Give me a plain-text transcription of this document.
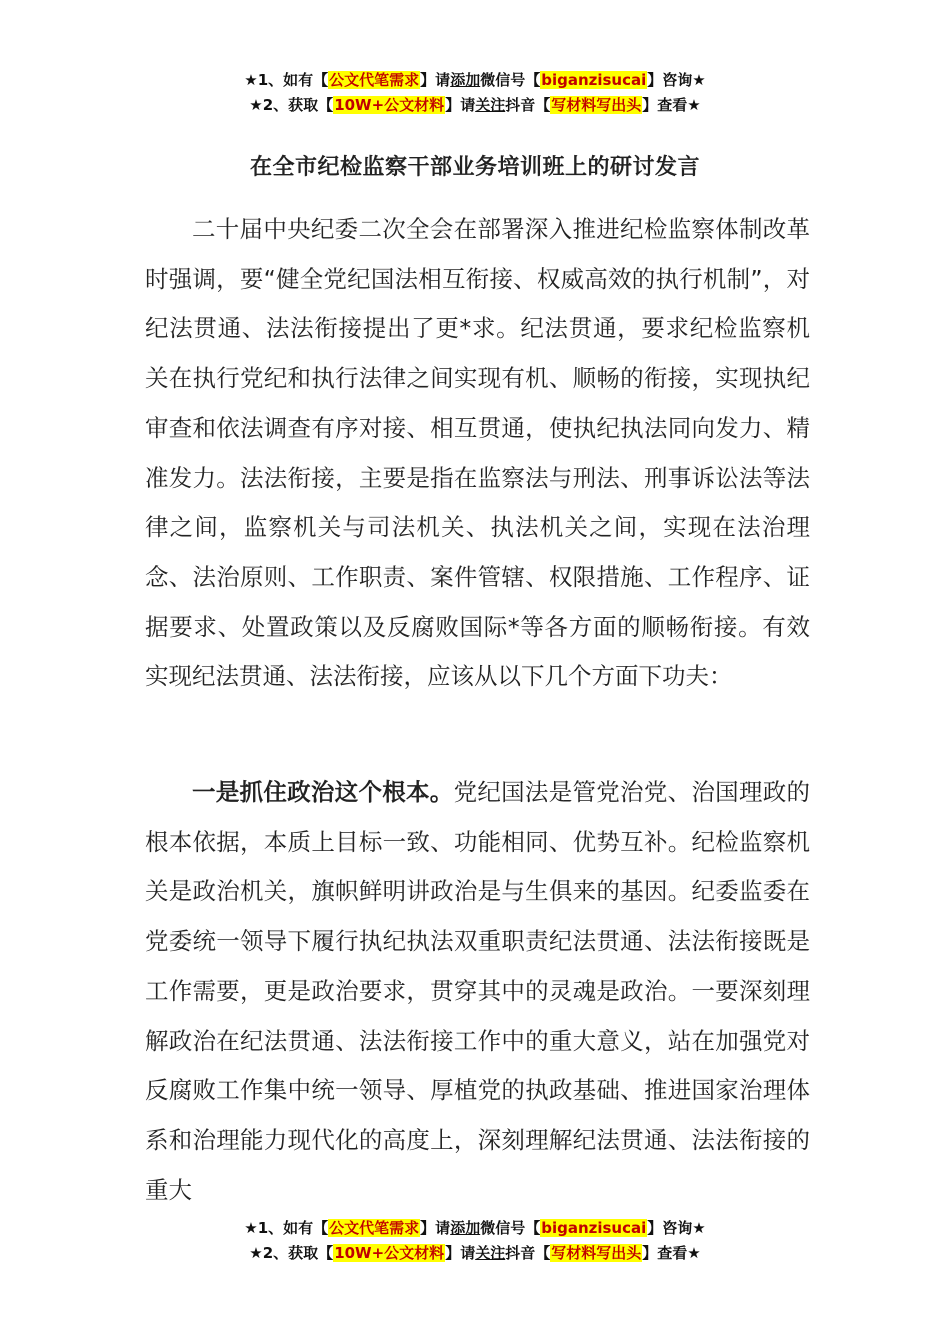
★1、如有【公文代笔需求】请添加微信号【biganzisucai】咨询★
★2、获取【10W+公文材料】请关注抖音【写材料写出头】查看★
在全市纪检监察干部业务培训班上的研讨发言

二十届中央纪委二次全会在部署深入推进纪检监察体制改革时强调，要“健全党纪国法相互衔接、权威高效的执行机制”，对纪法贯通、法法衔接提出了更*求。纪法贯通，要求纪检监察机关在执行党纪和执行法律之间实现有机、顺畅的衔接，实现执纪审查和依法调查有序对接、相互贯通，使执纪执法同向发力、精准发力。法法衔接，主要是指在监察法与刑法、刑事诉讼法等法律之间，监察机关与司法机关、执法机关之间，实现在法治理念、法治原则、工作职责、案件管辖、权限措施、工作程序、证据要求、处置政策以及反腐败国际*等各方面的顺畅衔接。有效实现纪法贯通、法法衔接，应该从以下几个方面下功夫：

一是抓住政治这个根本。党纪国法是管党治党、治国理政的根本依据，本质上目标一致、功能相同、优势互补。纪检监察机关是政治机关，旗帜鲜明讲政治是与生俱来的基因。纪委监委在党委统一领导下履行执纪执法双重职责纪法贯通、法法衔接既是工作需要，更是政治要求，贯穿其中的灵魂是政治。一要深刻理解政治在纪法贯通、法法衔接工作中的重大意义，站在加强党对反腐败工作集中统一领导、厚植党的执政基础、推进国家治理体系和治理能力现代化的高度上，深刻理解纪法贯通、法法衔接的重大

★1、如有【公文代笔需求】请添加微信号【biganzisucai】咨询★
★2、获取【10W+公文材料】请关注抖音【写材料写出头】查看★
